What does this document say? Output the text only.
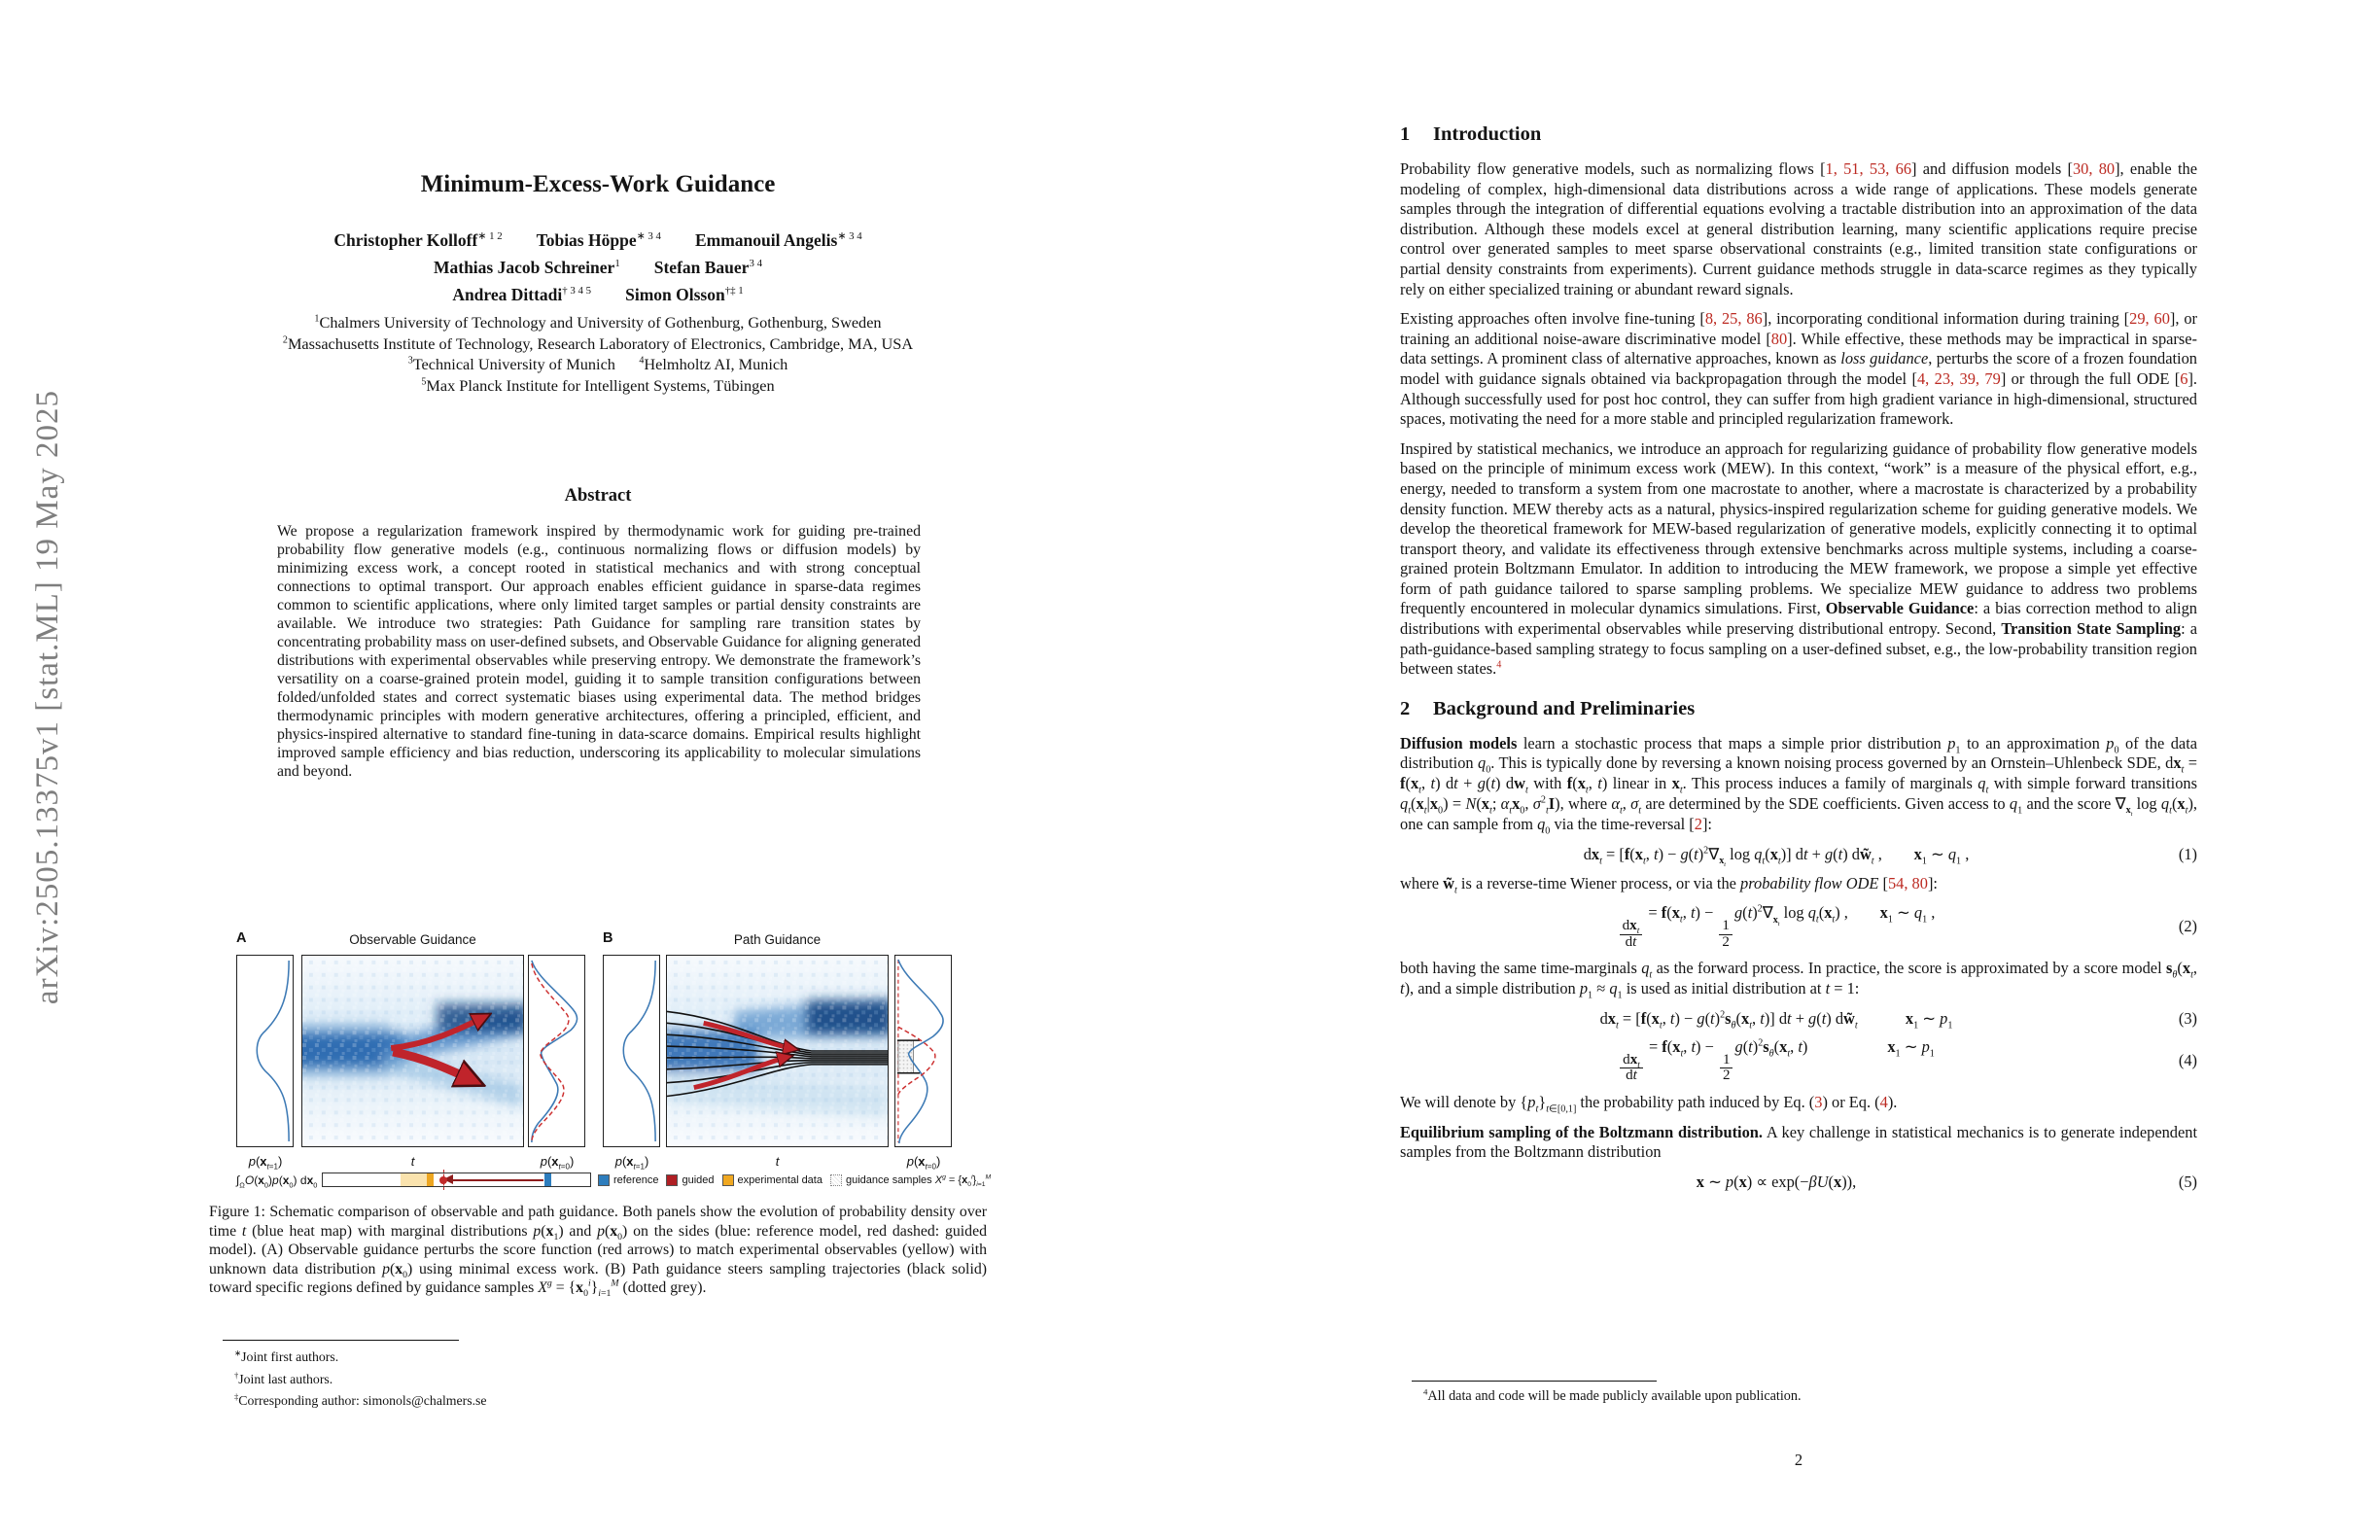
arXiv:2505.13375v1 [stat.ML] 19 May 2025
Minimum-Excess-Work Guidance
Christopher Kolloff$^{∗ 1 2}$   Tobias Höppe$^{∗ 3 4}$   Emmanouil Angelis$^{∗ 3 4}$
Mathias Jacob Schreiner$^1$   Stefan Bauer$^{3 4}$
Andrea Dittadi$^{\dagger 3 4 5}$   Simon Olsson$^{\dagger\ddagger 1}$
$^1$Chalmers University of Technology and University of Gothenburg, Gothenburg, Sweden
$^2$Massachusetts Institute of Technology, Research Laboratory of Electronics, Cambridge, MA, USA
$^3$Technical University of Munich   $^4$Helmholtz AI, Munich
$^5$Max Planck Institute for Intelligent Systems, Tübingen
Abstract
We propose a regularization framework inspired by thermodynamic work for guiding pre-trained probability flow generative models (e.g., continuous normalizing flows or diffusion models) by minimizing excess work, a concept rooted in statistical mechanics and with strong conceptual connections to optimal transport. Our approach enables efficient guidance in sparse-data regimes common to scientific applications, where only limited target samples or partial density constraints are available. We introduce two strategies: Path Guidance for sampling rare transition states by concentrating probability mass on user-defined subsets, and Observable Guidance for aligning generated distributions with experimental observables while preserving entropy. We demonstrate the framework’s versatility on a coarse-grained protein model, guiding it to sample transition configurations between folded/unfolded states and correct systematic biases using experimental data. The method bridges thermodynamic principles with modern generative architectures, offering a principled, efficient, and physics-inspired alternative to standard fine-tuning in data-scarce domains. Empirical results highlight improved sample efficiency and bias reduction, underscoring its applicability to molecular simulations and beyond.
A	Observable Guidance	B	Path Guidance
$p(x_{t=1})$	t	$p(x_{t=0})$	$p(x_{t=1})$	t	$p(x_{t=0})$
$\int_\Omega O(x_0)p(x_0)$ $dx_0$	reference guided experimental data guidance samples $X^g = \{x_0^i\}_{i=1}^M$
Figure 1: Schematic comparison of observable and path guidance. Both panels show the evolution of probability density over time t (blue heat map) with marginal distributions $p(x_1)$ and $p(x_0)$ on the sides (blue: reference model, red dashed: guided model). (A) Observable guidance perturbs the score function (red arrows) to match experimental observables (yellow) with unknown data distribution $p(x_0)$ using minimal excess work. (B) Path guidance steers sampling trajectories (black solid) toward specific regions defined by guidance samples $X^g = \{x_0^i\}_{i=1}^M$ (dotted grey).
∗Joint first authors.
†Joint last authors.
‡Corresponding author: simonols@chalmers.se
1	Introduction

Probability flow generative models, such as normalizing flows [1, 51, 53, 66] and diffusion models [30, 80], enable the modeling of complex, high-dimensional data distributions across a wide range of applications. These models generate samples through the integration of differential equations evolving a tractable distribution into an approximation of the data distribution. Although these models excel at general distribution learning, many scientific applications require precise control over generated samples to meet sparse observational constraints (e.g., limited transition state configurations or partial density constraints from experiments). Current guidance methods struggle in data-scarce regimes as they typically rely on either specialized training or abundant reward signals.

Existing approaches often involve fine-tuning [8, 25, 86], incorporating conditional information during training [29, 60], or training an additional noise-aware discriminative model [80]. While effective, these methods may be impractical in sparse-data settings. A prominent class of alternative approaches, known as loss guidance, perturbs the score of a frozen foundation model with guidance signals obtained via backpropagation through the model [4, 23, 39, 79] or through the full ODE [6]. Although successfully used for post hoc control, they can suffer from high gradient variance in high-dimensional, structured spaces, motivating the need for a more stable and principled regularization framework.

Inspired by statistical mechanics, we introduce an approach for regularizing guidance of probability flow generative models based on the principle of minimum excess work (MEW). In this context, “work” is a measure of the physical effort, e.g., energy, needed to transform a system from one macrostate to another, where a macrostate is characterized by a probability density function. MEW thereby acts as a natural, physics-inspired regularization scheme for guiding generative models. We develop the theoretical framework for MEW-based regularization of generative models, explicitly connecting it to optimal transport theory, and validate its effectiveness through extensive benchmarks across multiple systems, including a coarse-grained protein Boltzmann Emulator. In addition to introducing the MEW framework, we propose a simple yet effective form of path guidance tailored to sparse sampling problems. We specialize MEW guidance to address two problems frequently encountered in molecular dynamics simulations. First, Observable Guidance: a bias correction method to align distributions with experimental observables while preserving distributional entropy. Second, Transition State Sampling: a path-guidance-based sampling strategy to focus sampling on a user-defined subset, e.g., the low-probability transition region between states.$^4$

2	Background and Preliminaries

Diffusion models learn a stochastic process that maps a simple prior distribution $p_1$ to an approximation $p_0$ of the data distribution $q_0$. This is typically done by reversing a known noising process governed by an Ornstein–Uhlenbeck SDE, $dx_t = f(x_t$, t) dt + g(t) $dw_t$ with $f(x_t$, t) linear in $x_t$. This process induces a family of marginals $q_t$ with simple forward transitions $q_t(x_t|x_0) = N(x_t$; $\alpha_tx_0$, $\sigma^2_tI$), where $\alpha_t$, $\sigma_t$ are determined by the SDE coefficients. Given access to $q_1$ and the score $\nabla_{x_t}$ $\log q_t(x_t)$, one can sample from $q_0$ via the time-reversal [2]:

$dx_t = [f(x_t$, $t) - g(t)^2\nabla_{x_t}$ $\log q_t(x_t)$] dt + g(t) $dw̃_t$ ,   $x_1$ ∼ $q_1$ ,	(1)

where $w̃_t$ is a reverse-time Wiener process, or via the probability flow ODE [54, 80]:

$\frac{dx_t}{dt}$
= $f(x_t$, t) −
$\frac{1}{2}$
$g(t)^2\nabla_{x_t}$ $\log q_t(x_t)$ ,   $x_1$ ∼ $q_1$ ,
(2)

both having the same time-marginals $q_t$ as the forward process. In practice, the score is approximated by a score model $s_\theta(x_t$, t), and a simple distribution $p_1 \approx q_1$ is used as initial distribution at t = 1:

$dx_t = [f(x_t$, $t) - g(t)^2s_\theta(x_t$, t)] dt + g(t) $dw̃_t$   	$x_1$ ∼ $p_1$	(3)
$\frac{dx_t}{dt}$
= $f(x_t$, t) −
$\frac{1}{2}$
$g(t)^2s_\theta(x_t$, t)     	$x_1$ ∼ $p_1$	(4)

We will denote by $\{p_t\}_{t\in[0,1]}$ the probability path induced by Eq. (3) or Eq. (4).

Equilibrium sampling of the Boltzmann distribution. A key challenge in statistical mechanics is to generate independent samples from the Boltzmann distribution

x ∼ p(x) ∝ exp(−βU(x)),	(5)
$^4$All data and code will be made publicly available upon publication.
2
